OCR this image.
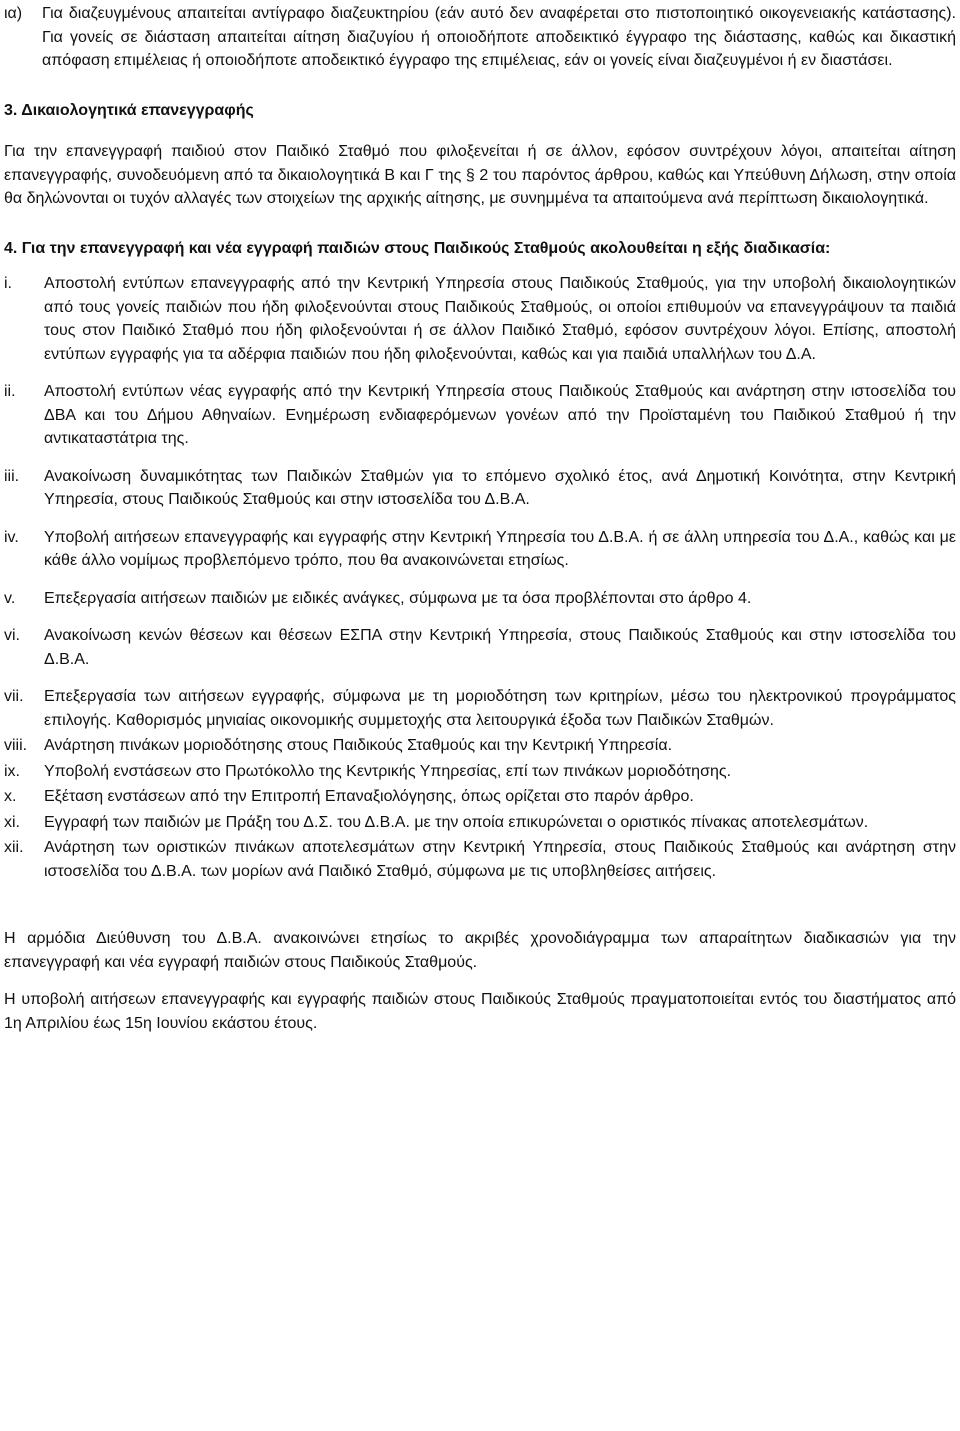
ια)	Για διαζευγμένους απαιτείται αντίγραφο διαζευκτηρίου (εάν αυτό δεν αναφέρεται στο πιστοποιητικό οικογενειακής κατάστασης). Για γονείς σε διάσταση απαιτείται αίτηση διαζυγίου ή οποιοδήποτε αποδεικτικό έγγραφο της διάστασης, καθώς και δικαστική απόφαση επιμέλειας ή οποιοδήποτε αποδεικτικό έγγραφο της επιμέλειας, εάν οι γονείς είναι διαζευγμένοι ή εν διαστάσει.
3. Δικαιολογητικά επανεγγραφής

Για την επανεγγραφή παιδιού στον Παιδικό Σταθμό που φιλοξενείται ή σε άλλον, εφόσον συντρέχουν λόγοι, απαιτείται αίτηση επανεγγραφής, συνοδευόμενη από τα δικαιολογητικά Β και Γ της § 2 του παρόντος άρθρου, καθώς και Υπεύθυνη Δήλωση, στην οποία θα δηλώνονται οι τυχόν αλλαγές των στοιχείων της αρχικής αίτησης, με συνημμένα τα απαιτούμενα ανά περίπτωση δικαιολογητικά.

4. Για την επανεγγραφή και νέα εγγραφή παιδιών στους Παιδικούς Σταθμούς ακολουθείται η εξής διαδικασία:
i.	Αποστολή εντύπων επανεγγραφής από την Κεντρική Υπηρεσία στους Παιδικούς Σταθμούς, για την υποβολή δικαιολογητικών από τους γονείς παιδιών που ήδη φιλοξενούνται στους Παιδικούς Σταθμούς, οι οποίοι επιθυμούν να επανεγγράψουν τα παιδιά τους στον Παιδικό Σταθμό που ήδη φιλοξενούνται ή σε άλλον Παιδικό Σταθμό, εφόσον συντρέχουν λόγοι. Επίσης, αποστολή εντύπων εγγραφής για τα αδέρφια παιδιών που ήδη φιλοξενούνται, καθώς και για παιδιά υπαλλήλων του Δ.Α.
ii.	Αποστολή εντύπων νέας εγγραφής από την Κεντρική Υπηρεσία στους Παιδικούς Σταθμούς και ανάρτηση στην ιστοσελίδα του ΔΒΑ και του Δήμου Αθηναίων. Ενημέρωση ενδιαφερόμενων γονέων από την Προϊσταμένη του Παιδικού Σταθμού ή την αντικαταστάτρια της.
iii.	Ανακοίνωση δυναμικότητας των Παιδικών Σταθμών για το επόμενο σχολικό έτος, ανά Δημοτική Κοινότητα, στην Κεντρική Υπηρεσία, στους Παιδικούς Σταθμούς και στην ιστοσελίδα του Δ.Β.Α.
iv.	Υποβολή αιτήσεων επανεγγραφής και εγγραφής στην Κεντρική Υπηρεσία του Δ.Β.Α. ή σε άλλη υπηρεσία του Δ.Α., καθώς και με κάθε άλλο νομίμως προβλεπόμενο τρόπο, που θα ανακοινώνεται ετησίως.
v.	Επεξεργασία αιτήσεων παιδιών με ειδικές ανάγκες, σύμφωνα με τα όσα προβλέπονται στο άρθρο 4.
vi.	Ανακοίνωση κενών θέσεων και θέσεων ΕΣΠΑ στην Κεντρική Υπηρεσία, στους Παιδικούς Σταθμούς και στην ιστοσελίδα του Δ.Β.Α.
vii.	Επεξεργασία των αιτήσεων εγγραφής, σύμφωνα με τη μοριοδότηση των κριτηρίων, μέσω του ηλεκτρονικού προγράμματος επιλογής. Καθορισμός μηνιαίας οικονομικής συμμετοχής στα λειτουργικά έξοδα των Παιδικών Σταθμών.
viii.	Ανάρτηση πινάκων μοριοδότησης στους Παιδικούς Σταθμούς και την Κεντρική Υπηρεσία.
ix.	Υποβολή ενστάσεων στο Πρωτόκολλο της Κεντρικής Υπηρεσίας, επί των πινάκων μοριοδότησης.
x.	Εξέταση ενστάσεων από την Επιτροπή Επαναξιολόγησης, όπως ορίζεται στο παρόν άρθρο.
xi.	Εγγραφή των παιδιών με Πράξη του Δ.Σ. του Δ.Β.Α. με την οποία επικυρώνεται ο οριστικός πίνακας αποτελεσμάτων.
xii.	Ανάρτηση των οριστικών πινάκων αποτελεσμάτων στην Κεντρική Υπηρεσία, στους Παιδικούς Σταθμούς και ανάρτηση στην ιστοσελίδα του Δ.Β.Α. των μορίων ανά Παιδικό Σταθμό, σύμφωνα με τις υποβληθείσες αιτήσεις.

Η αρμόδια Διεύθυνση του Δ.Β.Α. ανακοινώνει ετησίως το ακριβές χρονοδιάγραμμα των απαραίτητων διαδικασιών για την επανεγγραφή και νέα εγγραφή παιδιών στους Παιδικούς Σταθμούς.

Η υποβολή αιτήσεων επανεγγραφής και εγγραφής παιδιών στους Παιδικούς Σταθμούς πραγματοποιείται εντός του διαστήματος από 1η Απριλίου έως 15η Ιουνίου εκάστου έτους.
